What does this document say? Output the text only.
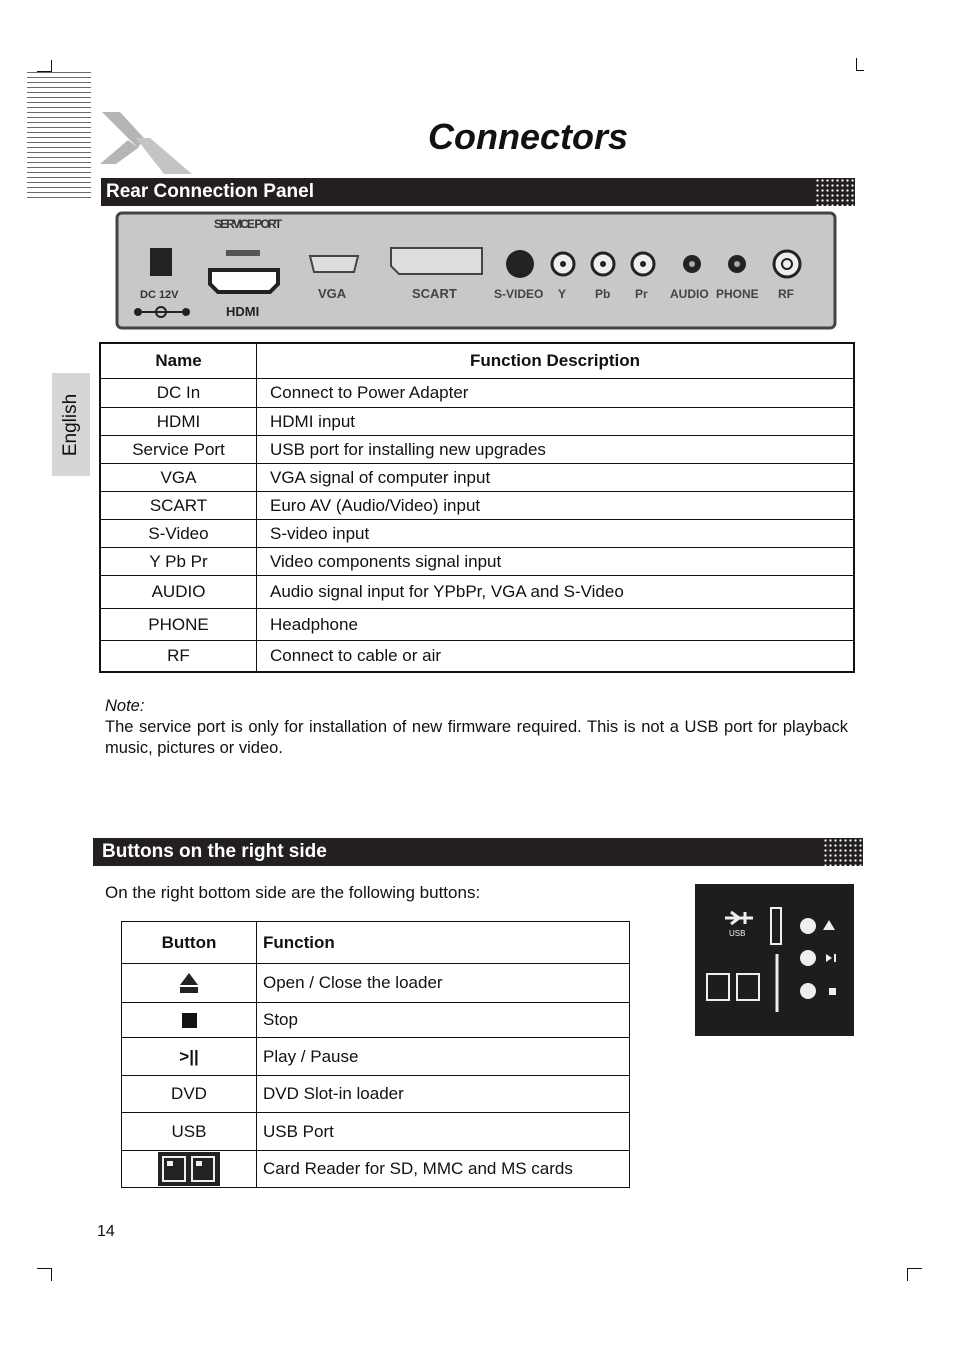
Connectors
Rear Connection Panel
DC 12V
SERVICE PORT
HDMI
VGA	SCART	S-VIDEO Y Pb Pr AUDIO PHONE RF
English
Name	Function Description
DC In	Connect to Power Adapter
HDMI	HDMI input
Service Port	USB port for installing new upgrades
VGA	VGA signal of computer input
SCART	Euro AV (Audio/Video) input
S-Video	S-video input
Y Pb Pr	Video components signal input
AUDIO	Audio signal input for YPbPr, VGA and S-Video
PHONE	Headphone
RF	Connect to cable or air
Note:
The service port is only for installation of new firmware required. This is not a USB port for playback music, pictures or video.
Buttons on the right side
On the right bottom side are the following buttons:
USB
Button	Function
	Open / Close the loader
	Stop
>||	Play / Pause
DVD	DVD Slot-in loader
USB	USB Port
	Card Reader for SD, MMC and MS cards
14
